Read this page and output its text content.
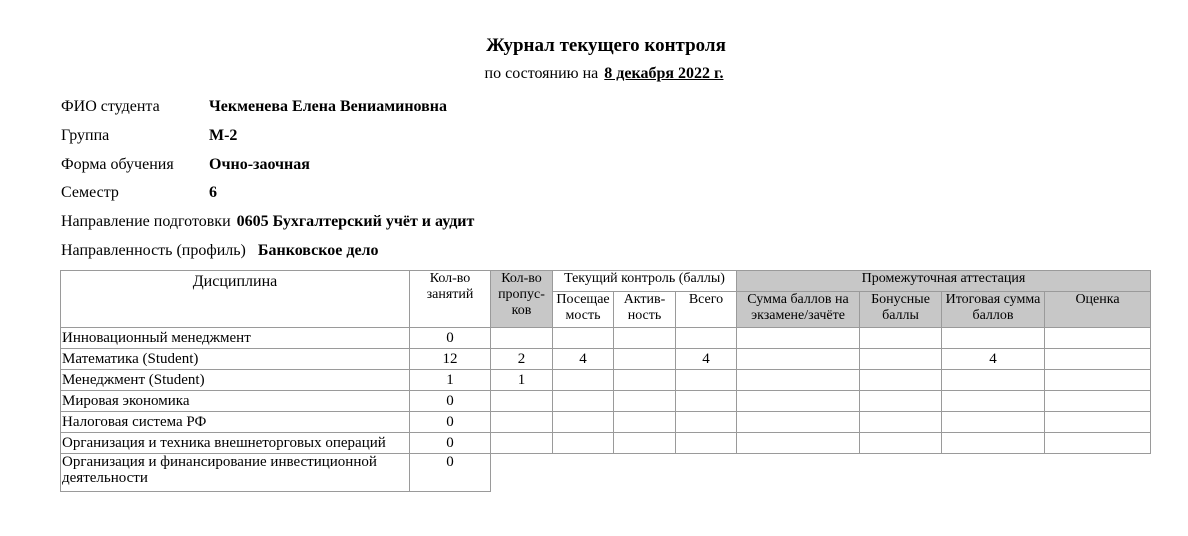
Журнал текущего контроля
по состоянию на 8 декабря 2022 г.
ФИО студента	Чекменева Елена Вениаминовна
Группа	М-2
Форма обучения Очно-заочная
Семестр	6
Направление подготовки 0605 Бухгалтерский учёт и аудит
Направленность (профиль) Банковское дело
Дисциплина	Кол-во занятий	Кол-во пропус-ков	Текущий контроль (баллы)			Промежуточная аттестация			
			Посещае мость	Актив-ность	Всего	Сумма баллов на экзамене/зачёте	Бонусные баллы	Итоговая сумма баллов	Оценка
Инновационный менеджмент	0								
Математика (Student)	12	2	4		4			4	
Менеджмент (Student)	1	1							
Мировая экономика	0								
Налоговая система РФ	0								
Организация и техника внешнеторговых операций	0								
Организация и финансирование инвестиционной деятельности	0								
